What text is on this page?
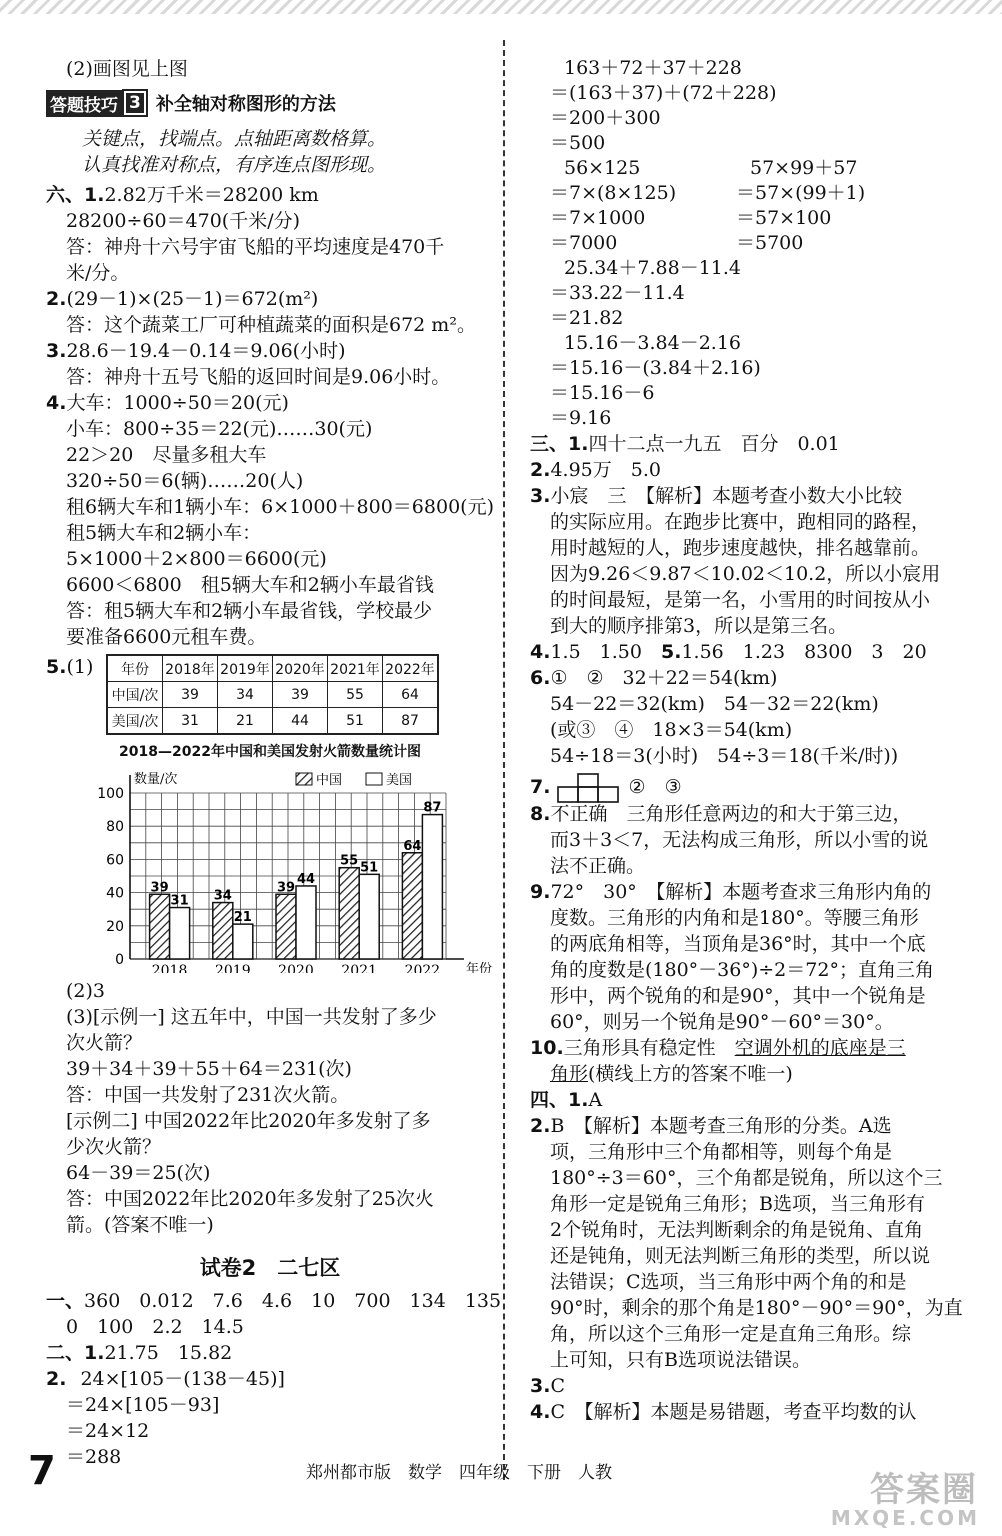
(2)画图见上图
答题技巧 3 补全轴对称图形的方法
关键点，找端点。点轴距离数格算。
认真找准对称点，有序连点图形现。
六、1.2.82万千米＝28200 km
28200÷60＝470(千米/分)
答：神舟十六号宇宙飞船的平均速度是470千
米/分。
2.(29－1)×(25－1)＝672(m²)
答：这个蔬菜工厂可种植蔬菜的面积是672 m²。
3.28.6－19.4－0.14＝9.06(小时)
答：神舟十五号飞船的返回时间是9.06小时。
4.大车：1000÷50＝20(元)
小车：800÷35＝22(元)……30(元)
22＞20　尽量多租大车
320÷50＝6(辆)……20(人)
租6辆大车和1辆小车：6×1000＋800＝6800(元)
租5辆大车和2辆小车：
5×1000＋2×800＝6600(元)
6600＜6800　租5辆大车和2辆小车最省钱
答：租5辆大车和2辆小车最省钱，学校最少
要准备6600元租车费。
5.(1) 年份	2018年	2019年	2020年	2021年	2022年
中国/次	39	34	39	55	64
美国/次	31	21	44	51	87
2018—2022年中国和美国发射火箭数量统计图
0
20
40
60
80
100
数量/次
年份
中国	美国
39
31
2018
34
21
2019
39
44
2020
55 51
2021
64
87
2022
(2)3
(3)[示例一] 这五年中，中国一共发射了多少
次火箭？
39＋34＋39＋55＋64＝231(次)
答：中国一共发射了231次火箭。
[示例二] 中国2022年比2020年多发射了多
少次火箭？
64－39＝25(次)
答：中国2022年比2020年多发射了25次火
箭。(答案不唯一)
试卷2　二七区
一、360　0.012　7.6　4.6　10　700　134　135
0　100　2.2　14.5
二、1.21.75　15.82
2. 24×[105－(138－45)]
＝24×[105－93]
＝24×12
＝288
163＋72＋37＋228
＝(163＋37)＋(72＋228)
＝200＋300
＝500
56×125	57×99＋57
＝7×(8×125)	＝57×(99＋1)
＝7×1000	＝57×100
＝7000	＝5700
25.34＋7.88－11.4
＝33.22－11.4
＝21.82
15.16－3.84－2.16
＝15.16－(3.84＋2.16)
＝15.16－6
＝9.16
三、1.四十二点一九五　百分　0.01
2.4.95万　5.0
3.小宸　三　【解析】本题考查小数大小比较
的实际应用。在跑步比赛中，跑相同的路程，
用时越短的人，跑步速度越快，排名越靠前。
因为9.26＜9.87＜10.02＜10.2，所以小宸用
的时间最短，是第一名，小雪用的时间按从小
到大的顺序排第3，所以是第三名。
4.1.5　1.50　 5.1.56　1.23　8300　3　20
6.①　②　32＋22＝54(km)
54－22＝32(km)　54－32＝22(km)
(或③　④　18×3＝54(km)
54÷18＝3(小时)　54÷3＝18(千米/时))
7.	②　③
8.不正确　三角形任意两边的和大于第三边，
而3＋3＜7，无法构成三角形，所以小雪的说
法不正确。
9.72°　30°　【解析】本题考查求三角形内角的
度数。三角形的内角和是180°。等腰三角形
的两底角相等，当顶角是36°时，其中一个底
角的度数是(180°－36°)÷2＝72°；直角三角
形中，两个锐角的和是90°，其中一个锐角是
60°，则另一个锐角是90°－60°＝30°。
10.三角形具有稳定性　空调外机的底座是三
角形(横线上方的答案不唯一)
四、1.A
2.B　【解析】本题考查三角形的分类。A选
项，三角形中三个角都相等，则每个角是
180°÷3＝60°，三个角都是锐角，所以这个三
角形一定是锐角三角形；B选项，当三角形有
2个锐角时，无法判断剩余的角是锐角、直角
还是钝角，则无法判断三角形的类型，所以说
法错误；C选项，当三角形中两个角的和是
90°时，剩余的那个角是180°－90°＝90°，为直
角，所以这个三角形一定是直角三角形。综
上可知，只有B选项说法错误。
3.C
4.C　【解析】本题是易错题，考查平均数的认
7	郑州都市版　数学　四年级　下册　人教	答案圈
MXQE.COM
